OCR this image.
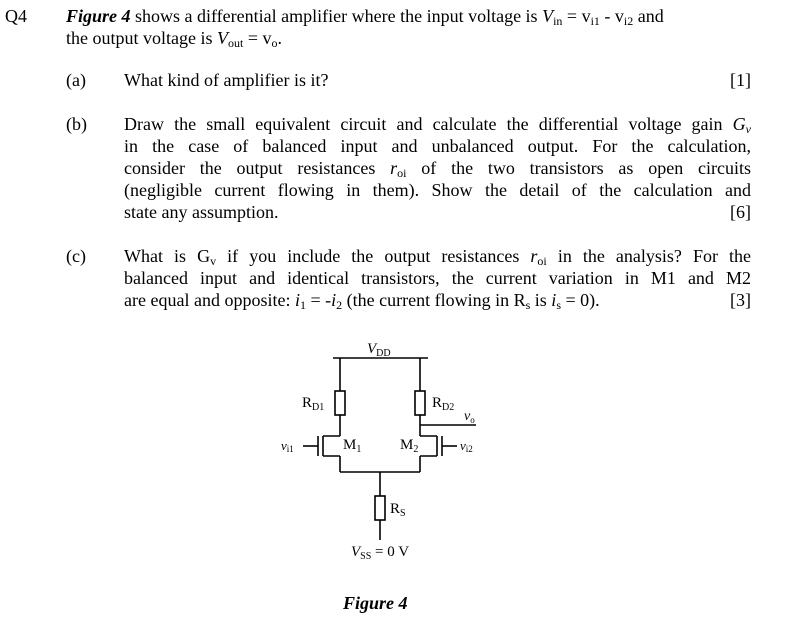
Q4 Figure 4 shows a differential amplifier where the input voltage is $V_{in} = v_{i1} - v_{i2}$ and
the output voltage is $V_{out} = v_o$.
(a) What kind of amplifier is it?	[1]
(b) Draw the small equivalent circuit and calculate the differential voltage gain $G_v$
in the case of balanced input and unbalanced output. For the calculation,
consider the output resistances $r_{oi}$ of the two transistors as open circuits
(negligible current flowing in them). Show the detail of the calculation and
state any assumption.	[6]
(c) What is $G_v$ if you include the output resistances $r_{oi}$ in the analysis? For the
balanced input and identical transistors, the current variation in M1 and M2
are equal and opposite: $i_1 = -i_2$ (the current flowing in $R_s$ is $i_s = 0$).	[3]
$V_{DD}$
$R_{D1}$	$R_{D2}$
$v_o$
vi1	$M_1$	$M_2$	vi2
$R_S$
$V_{SS} = 0$ V
Figure 4
